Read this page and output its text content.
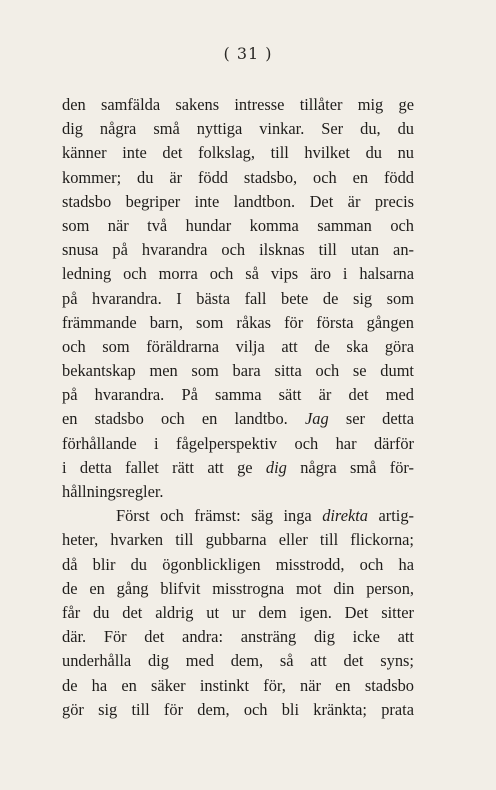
( 31 )
den samfälda sakens intresse tillåter mig ge
dig några små nyttiga vinkar. Ser du, du
känner inte det folkslag, till hvilket du nu
kommer; du är född stadsbo, och en född
stadsbo begriper inte landtbon. Det är precis
som när två hundar komma samman och
snusa på hvarandra och ilsknas till utan an-
ledning och morra och så vips äro i halsarna
på hvarandra. I bästa fall bete de sig som
främmande barn, som råkas för första gången
och som föräldrarna vilja att de ska göra
bekantskap men som bara sitta och se dumt
på hvarandra. På samma sätt är det med
en stadsbo och en landtbo. Jag ser detta
förhållande i fågelperspektiv och har därför
i detta fallet rätt att ge dig några små för-
hållningsregler.
Först och främst: säg inga direkta artig-
heter, hvarken till gubbarna eller till flickorna;
då blir du ögonblickligen misstrodd, och ha
de en gång blifvit misstrogna mot din person,
får du det aldrig ut ur dem igen. Det sitter
där. För det andra: ansträng dig icke att
underhålla dig med dem, så att det syns;
de ha en säker instinkt för, när en stadsbo
gör sig till för dem, och bli kränkta; prata
